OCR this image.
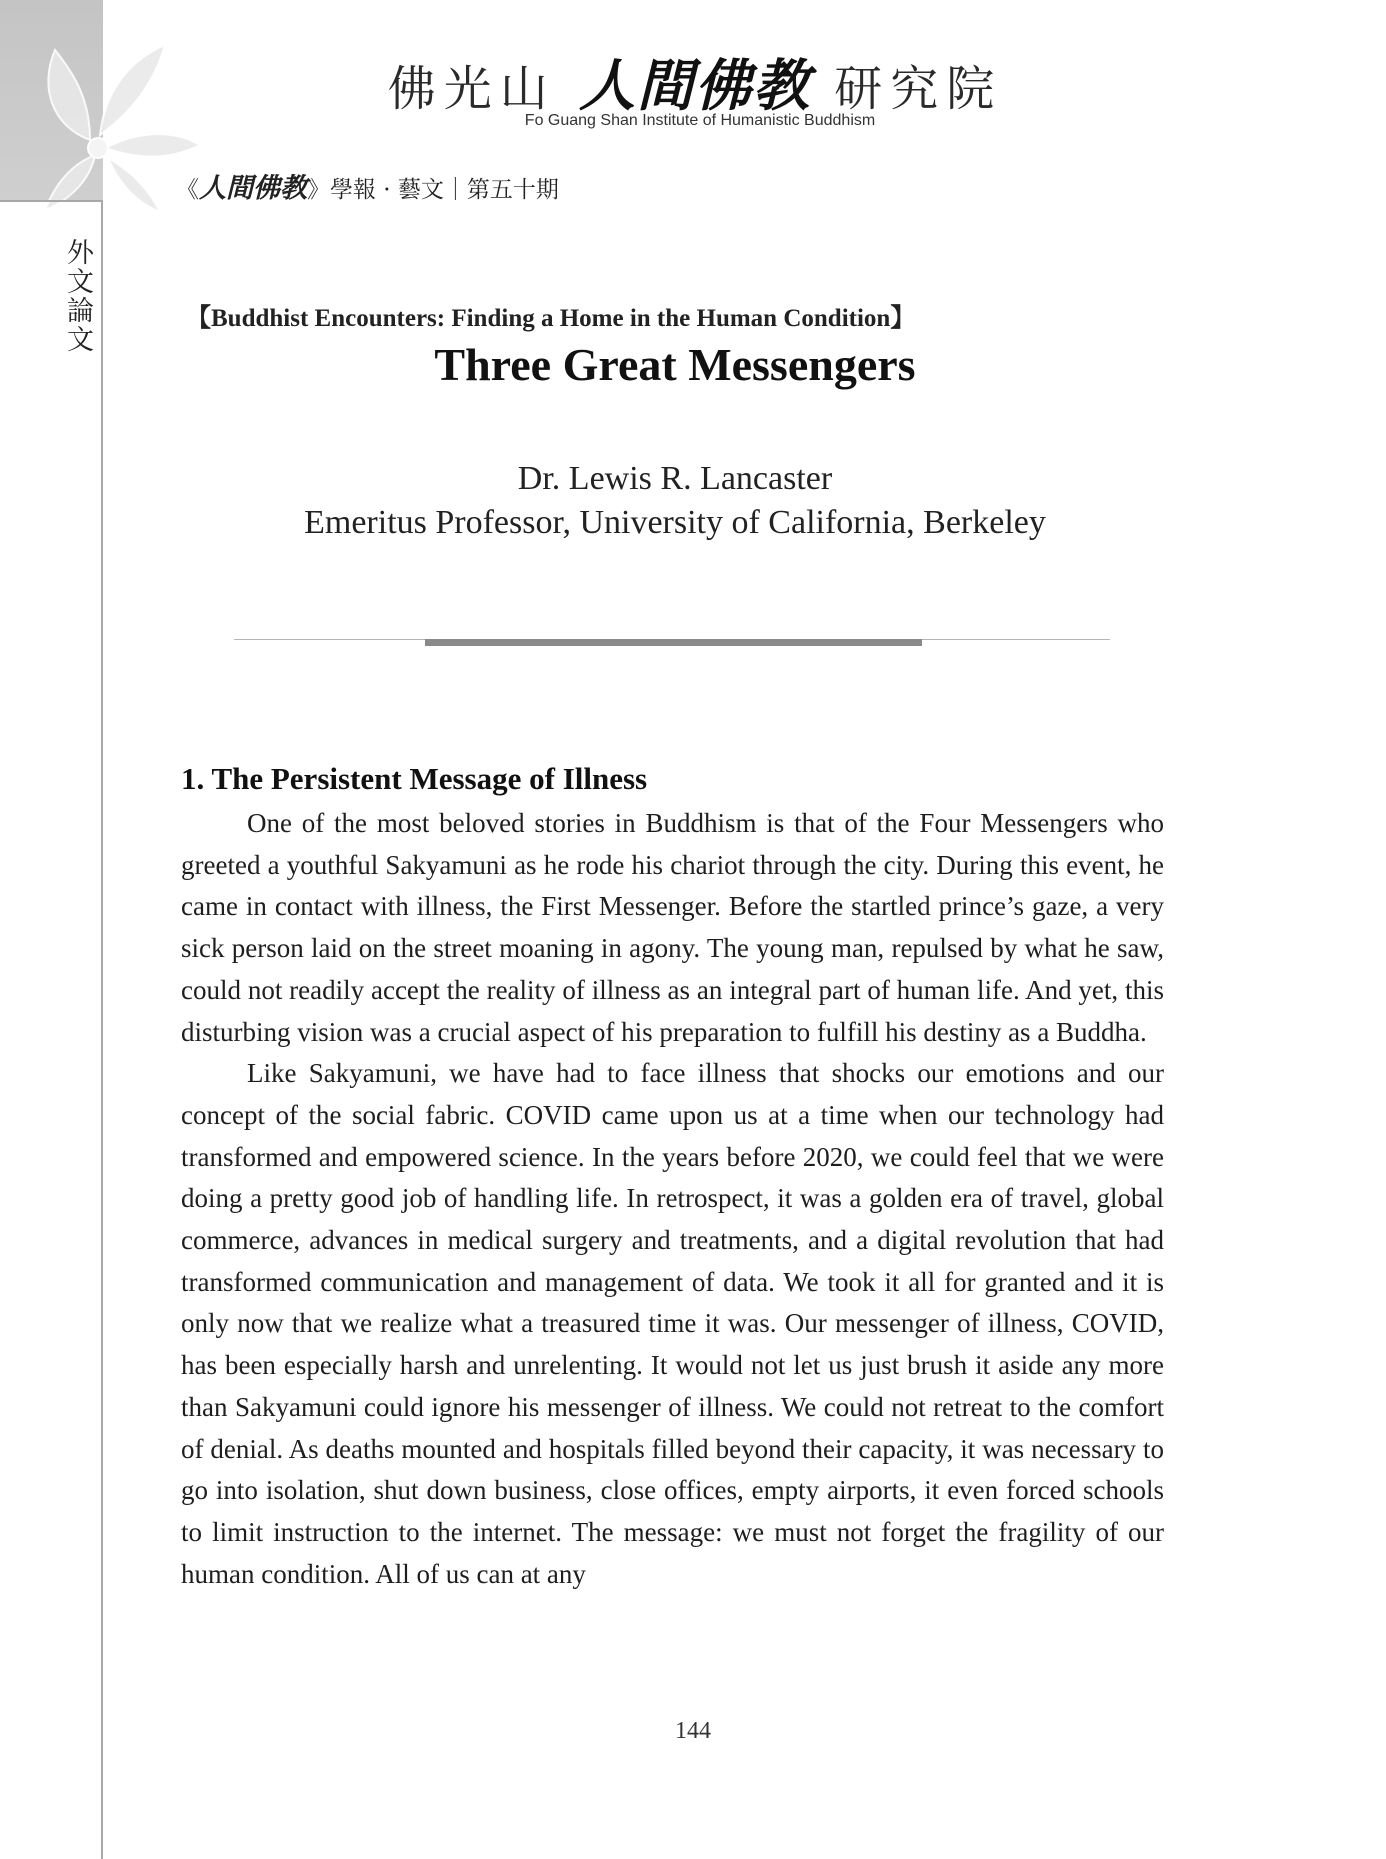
外文論文
佛光山 人間佛教 研究院
Fo Guang Shan Institute of Humanistic Buddhism
《人間佛教》學報 · 藝文｜第五十期
【Buddhist Encounters: Finding a Home in the Human Condition】
Three Great Messengers
Dr. Lewis R. Lancaster
Emeritus Professor, University of California, Berkeley
1. The Persistent Message of Illness

One of the most beloved stories in Buddhism is that of the Four Messengers who greeted a youthful Sakyamuni as he rode his chariot through the city. During this event, he came in contact with illness, the First Messenger. Before the startled prince’s gaze, a very sick person laid on the street moaning in agony. The young man, repulsed by what he saw, could not readily accept the reality of illness as an integral part of human life. And yet, this disturbing vision was a crucial aspect of his preparation to fulfill his destiny as a Buddha.

Like Sakyamuni, we have had to face illness that shocks our emotions and our concept of the social fabric. COVID came upon us at a time when our technology had transformed and empowered science. In the years before 2020, we could feel that we were doing a pretty good job of handling life. In retrospect, it was a golden era of travel, global commerce, advances in medical surgery and treatments, and a digital revolution that had transformed communication and management of data. We took it all for granted and it is only now that we realize what a treasured time it was. Our messenger of illness, COVID, has been especially harsh and unrelenting. It would not let us just brush it aside any more than Sakyamuni could ignore his messenger of illness. We could not retreat to the comfort of denial. As deaths mounted and hospitals filled beyond their capacity, it was necessary to go into isolation, shut down business, close offices, empty airports, it even forced schools to limit instruction to the internet. The message: we must not forget the fragility of our human condition. All of us can at any

144
